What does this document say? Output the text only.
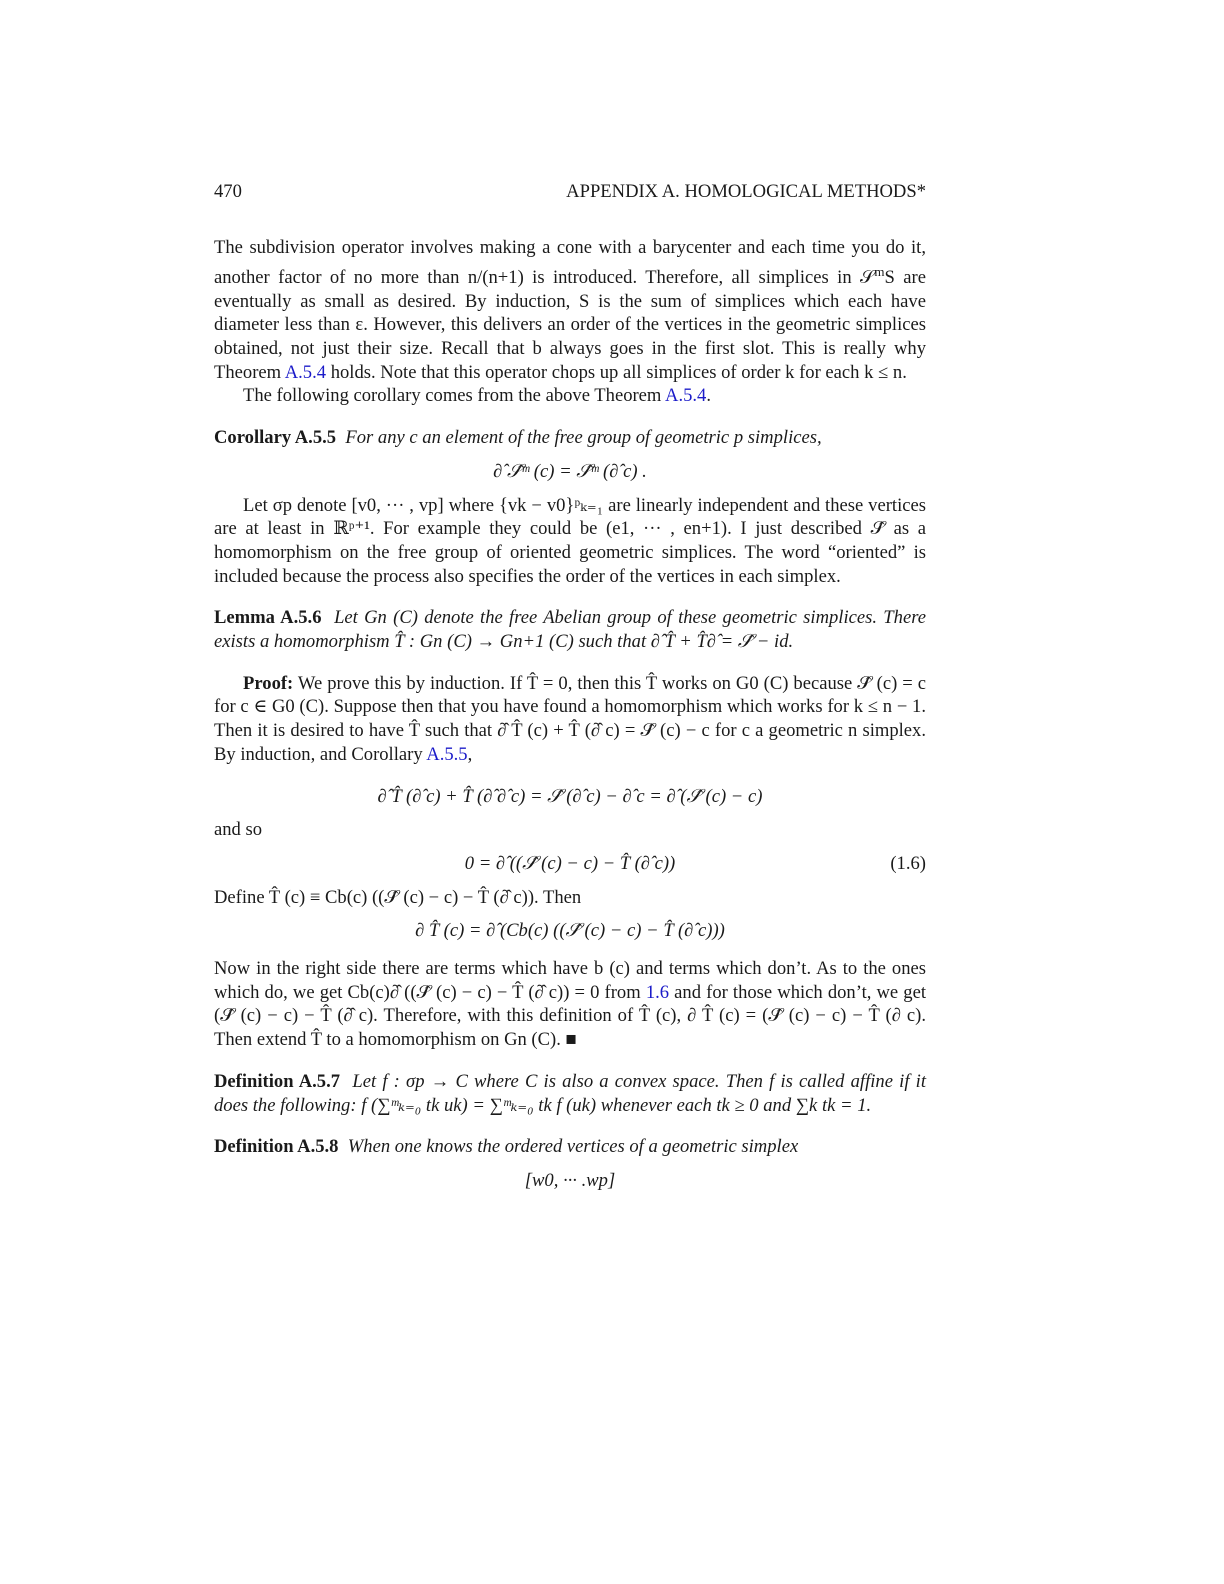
470	APPENDIX A. HOMOLOGICAL METHODS*

The subdivision operator involves making a cone with a barycenter and each time you do it, another factor of no more than n/(n+1) is introduced. Therefore, all simplices in 𝒮$^m$S are eventually as small as desired. By induction, S is the sum of simplices which each have diameter less than ε. However, this delivers an order of the vertices in the geometric simplices obtained, not just their size. Recall that b always goes in the first slot. This is really why Theorem A.5.4 holds. Note that this operator chops up all simplices of order k for each k ≤ n.

The following corollary comes from the above Theorem A.5.4.

Corollary A.5.5 For any c an element of the free group of geometric p simplices,

∂̂ 𝒮̂ᵐ (c) = 𝒮̂ᵐ (∂̂ c) .

Let σp denote [v0, ··· , vp] where {vk − v0}ᵖₖ₌₁ are linearly independent and these vertices are at least in ℝᵖ⁺¹. For example they could be (e1, ··· , en+1). I just described 𝒮̂ as a homomorphism on the free group of oriented geometric simplices. The word “oriented” is included because the process also specifies the order of the vertices in each simplex.

Lemma A.5.6 Let Gn (C) denote the free Abelian group of these geometric simplices. There exists a homomorphism T̂ : Gn (C) → Gn+1 (C) such that ∂̂ T̂ + T̂∂̂ = 𝒮̂ − id.

Proof: We prove this by induction. If T̂ = 0, then this T̂ works on G0 (C) because 𝒮̂ (c) = c for c ∈ G0 (C). Suppose then that you have found a homomorphism which works for k ≤ n − 1. Then it is desired to have T̂ such that ∂̂ T̂ (c) + T̂ (∂̂ c) = 𝒮̂ (c) − c for c a geometric n simplex. By induction, and Corollary A.5.5,

∂̂ T̂ (∂̂ c) + T̂ (∂̂ ∂̂ c) = 𝒮̂ (∂̂ c) − ∂̂ c = ∂̂ (𝒮̂ (c) − c)

and so

0 = ∂̂ ((𝒮̂ (c) − c) − T̂ (∂̂ c))	(1.6)

Define T̂ (c) ≡ Cb(c) ((𝒮̂ (c) − c) − T̂ (∂̂ c)). Then

∂ T̂ (c) = ∂̂ (Cb(c) ((𝒮̂ (c) − c) − T̂ (∂̂ c)))

Now in the right side there are terms which have b (c) and terms which don’t. As to the ones which do, we get Cb(c)∂̂ ((𝒮̂ (c) − c) − T̂ (∂̂ c)) = 0 from 1.6 and for those which don’t, we get (𝒮̂ (c) − c) − T̂ (∂̂ c). Therefore, with this definition of T̂ (c), ∂ T̂ (c) = (𝒮̂ (c) − c) − T̂ (∂ c). Then extend T̂ to a homomorphism on Gn (C). ■

Definition A.5.7 Let f : σp → C where C is also a convex space. Then f is called affine if it does the following: f (∑ᵐₖ₌₀ tk uk) = ∑ᵐₖ₌₀ tk f (uk) whenever each tk ≥ 0 and ∑k tk = 1.

Definition A.5.8 When one knows the ordered vertices of a geometric simplex

[w0, ··· .wp]
